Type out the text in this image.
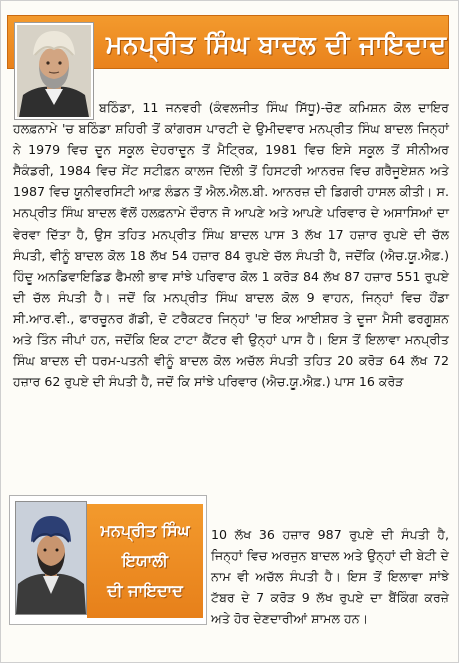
ਮਨਪ੍ਰੀਤ ਸਿੰਘ ਬਾਦਲ ਦੀ ਜਾਇਦਾਦ
ਬਠਿੰਡਾ, 11 ਜਨਵਰੀ (ਕੰਵਲਜੀਤ ਸਿੰਘ ਸਿੱਧੂ)-ਚੋਣ ਕਮਿਸ਼ਨ ਕੋਲ ਦਾਇਰ ਹਲਫ਼ਨਾਮੇ 'ਚ ਬਠਿੰਡਾ ਸ਼ਹਿਰੀ ਤੋਂ ਕਾਂਗਰਸ ਪਾਰਟੀ ਦੇ ਉਮੀਦਵਾਰ ਮਨਪ੍ਰੀਤ ਸਿੰਘ ਬਾਦਲ ਜਿਨ੍ਹਾਂ ਨੇ 1979 ਵਿਚ ਦੂਨ ਸਕੂਲ ਦੇਹਰਾਦੂਨ ਤੋਂ ਮੈਟ੍ਰਿਕ, 1981 ਵਿਚ ਇਸੇ ਸਕੂਲ ਤੋਂ ਸੀਨੀਅਰ ਸੈਕੰਡਰੀ, 1984 ਵਿਚ ਸੇਂਟ ਸਟੀਫ਼ਨ ਕਾਲਜ ਦਿੱਲੀ ਤੋਂ ਹਿਸਟਰੀ ਆਨਰਜ਼ ਵਿਚ ਗਰੈਜੂਏਸ਼ਨ ਅਤੇ 1987 ਵਿਚ ਯੂਨੀਵਰਸਿਟੀ ਆਫ਼ ਲੰਡਨ ਤੋਂ ਐਲ.ਐਲ.ਬੀ. ਆਨਰਜ਼ ਦੀ ਡਿਗਰੀ ਹਾਸਲ ਕੀਤੀ। ਸ. ਮਨਪ੍ਰੀਤ ਸਿੰਘ ਬਾਦਲ ਵੱਲੋਂ ਹਲਫ਼ਨਾਮੇ ਦੌਰਾਨ ਜੋ ਆਪਣੇ ਅਤੇ ਆਪਣੇ ਪਰਿਵਾਰ ਦੇ ਅਸਾਸਿਆਂ ਦਾ ਵੇਰਵਾ ਦਿੱਤਾ ਹੈ, ਉਸ ਤਹਿਤ ਮਨਪ੍ਰੀਤ ਸਿੰਘ ਬਾਦਲ ਪਾਸ 3 ਲੱਖ 17 ਹਜ਼ਾਰ ਰੁਪਏ ਦੀ ਚੱਲ ਸੰਪਤੀ, ਵੀਨੂੰ ਬਾਦਲ ਕੋਲ 18 ਲੱਖ 54 ਹਜ਼ਾਰ 84 ਰੁਪਏ ਚੱਲ ਸੰਪਤੀ ਹੈ, ਜਦੋਂਕਿ (ਐਚ.ਯੂ.ਐਫ਼.) ਹਿੰਦੂ ਅਨਡਿਵਾਇਡਿਡ ਫੈਮਲੀ ਭਾਵ ਸਾਂਝੇ ਪਰਿਵਾਰ ਕੋਲ 1 ਕਰੋੜ 84 ਲੱਖ 87 ਹਜ਼ਾਰ 551 ਰੁਪਏ ਦੀ ਚੱਲ ਸੰਪਤੀ ਹੈ। ਜਦੋਂ ਕਿ ਮਨਪ੍ਰੀਤ ਸਿੰਘ ਬਾਦਲ ਕੋਲ 9 ਵਾਹਨ, ਜਿਨ੍ਹਾਂ ਵਿਚ ਹੌਂਡਾ ਸੀ.ਆਰ.ਵੀ., ਫਾਰਚੂਨਰ ਗੱਡੀ, ਦੋ ਟਰੈਕਟਰ ਜਿਨ੍ਹਾਂ 'ਚ ਇਕ ਆਈਸ਼ਰ ਤੇ ਦੂਜਾ ਮੈਸੀ ਫਰਗੂਸ਼ਨ ਅਤੇ ਤਿੰਨ ਜੀਪਾਂ ਹਨ, ਜਦੋਂਕਿ ਇਕ ਟਾਟਾ ਕੈਂਟਰ ਵੀ ਉਨ੍ਹਾਂ ਪਾਸ ਹੈ। ਇਸ ਤੋਂ ਇਲਾਵਾ ਮਨਪ੍ਰੀਤ ਸਿੰਘ ਬਾਦਲ ਦੀ ਧਰਮ-ਪਤਨੀ ਵੀਨੂੰ ਬਾਦਲ ਕੋਲ ਅਚੱਲ ਸੰਪਤੀ ਤਹਿਤ 20 ਕਰੋੜ 64 ਲੱਖ 72 ਹਜ਼ਾਰ 62 ਰੁਪਏ ਦੀ ਸੰਪਤੀ ਹੈ, ਜਦੋਂ ਕਿ ਸਾਂਝੇ ਪਰਿਵਾਰ (ਐਚ.ਯੂ.ਐਫ਼.) ਪਾਸ 16 ਕਰੋੜ
ਮਨਪ੍ਰੀਤ ਸਿੰਘ
ਇਯਾਲੀ
ਦੀ ਜਾਇਦਾਦ
10 ਲੱਖ 36 ਹਜ਼ਾਰ 987 ਰੁਪਏ ਦੀ ਸੰਪਤੀ ਹੈ, ਜਿਨ੍ਹਾਂ ਵਿਚ ਅਰਜੁਨ ਬਾਦਲ ਅਤੇ ਉਨ੍ਹਾਂ ਦੀ ਬੇਟੀ ਦੇ ਨਾਮ ਵੀ ਅਚੱਲ ਸੰਪਤੀ ਹੈ। ਇਸ ਤੋਂ ਇਲਾਵਾ ਸਾਂਝੇ ਟੱਬਰ ਦੇ 7 ਕਰੋੜ 9 ਲੱਖ ਰੁਪਏ ਦਾ ਬੈਂਕਿੰਗ ਕਰਜ਼ੇ ਅਤੇ ਹੋਰ ਦੇਣਦਾਰੀਆਂ ਸ਼ਾਮਲ ਹਨ।
